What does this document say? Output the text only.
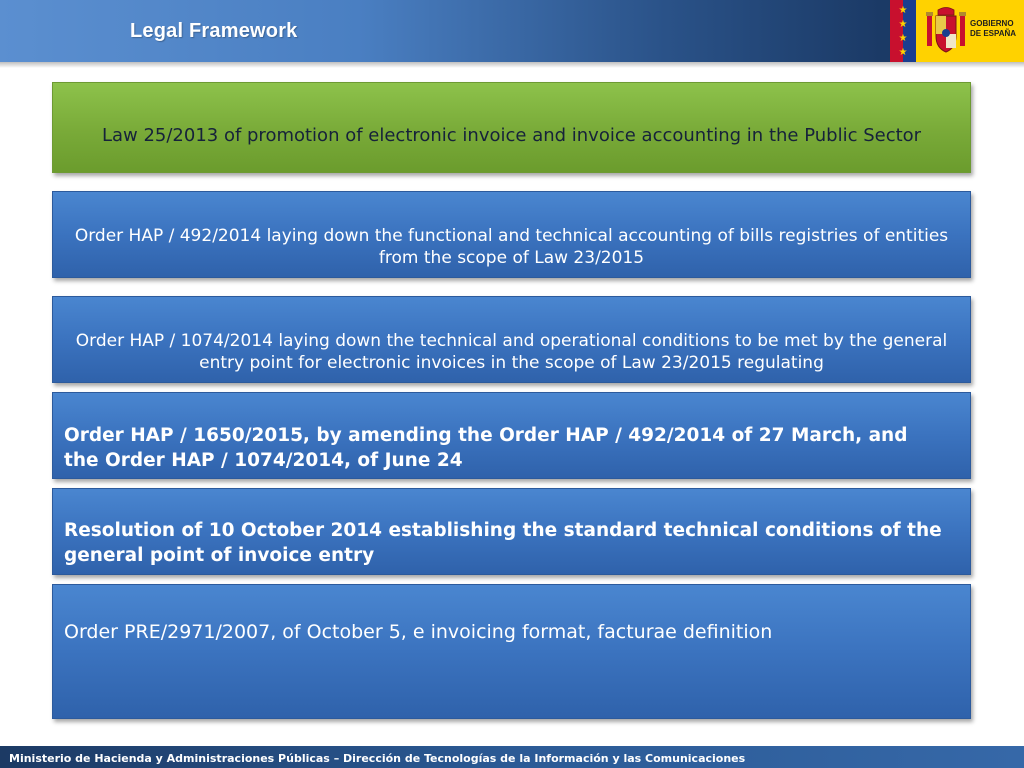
Legal Framework
★
★
★
★
GOBIERNO
DE ESPAÑA
Law 25/2013 of promotion of electronic invoice and invoice accounting in the Public Sector
Order HAP / 492/2014 laying down the functional and technical accounting of bills registries of entities from the scope of Law 23/2015
Order HAP / 1074/2014 laying down the technical and operational conditions to be met by the general entry point for electronic invoices in the scope of Law 23/2015 regulating
Order HAP / 1650/2015, by amending the Order HAP / 492/2014 of 27 March, and the Order HAP / 1074/2014, of June 24
Resolution of 10 October 2014 establishing the standard technical conditions of the general point of invoice entry
Order PRE/2971/2007, of October 5, e invoicing format, facturae definition
Ministerio de Hacienda y Administraciones Públicas – Dirección de Tecnologías de la Información y las Comunicaciones
